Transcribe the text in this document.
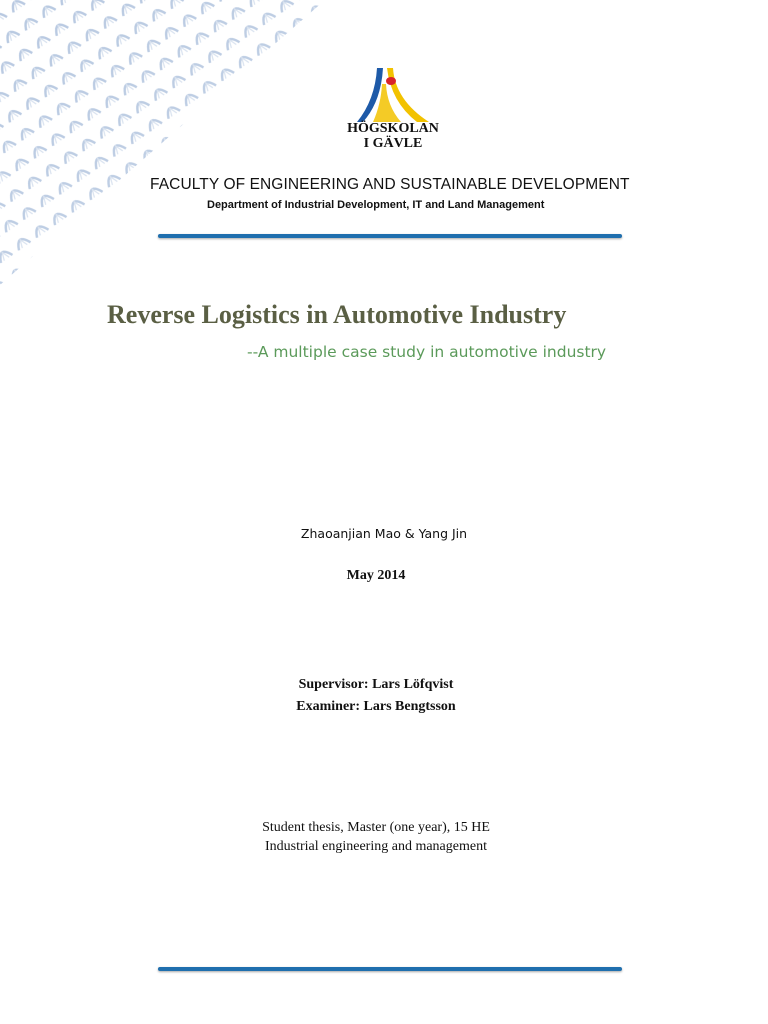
HÖGSKOLAN
I GÄVLE
FACULTY OF ENGINEERING AND SUSTAINABLE DEVELOPMENT
Department of Industrial Development, IT and Land Management
Reverse Logistics in Automotive Industry
--A multiple case study in automotive industry
Zhaoanjian Mao & Yang Jin
May 2014
Supervisor: Lars Löfqvist
Examiner: Lars Bengtsson
Student thesis, Master (one year), 15 HE
Industrial engineering and management
